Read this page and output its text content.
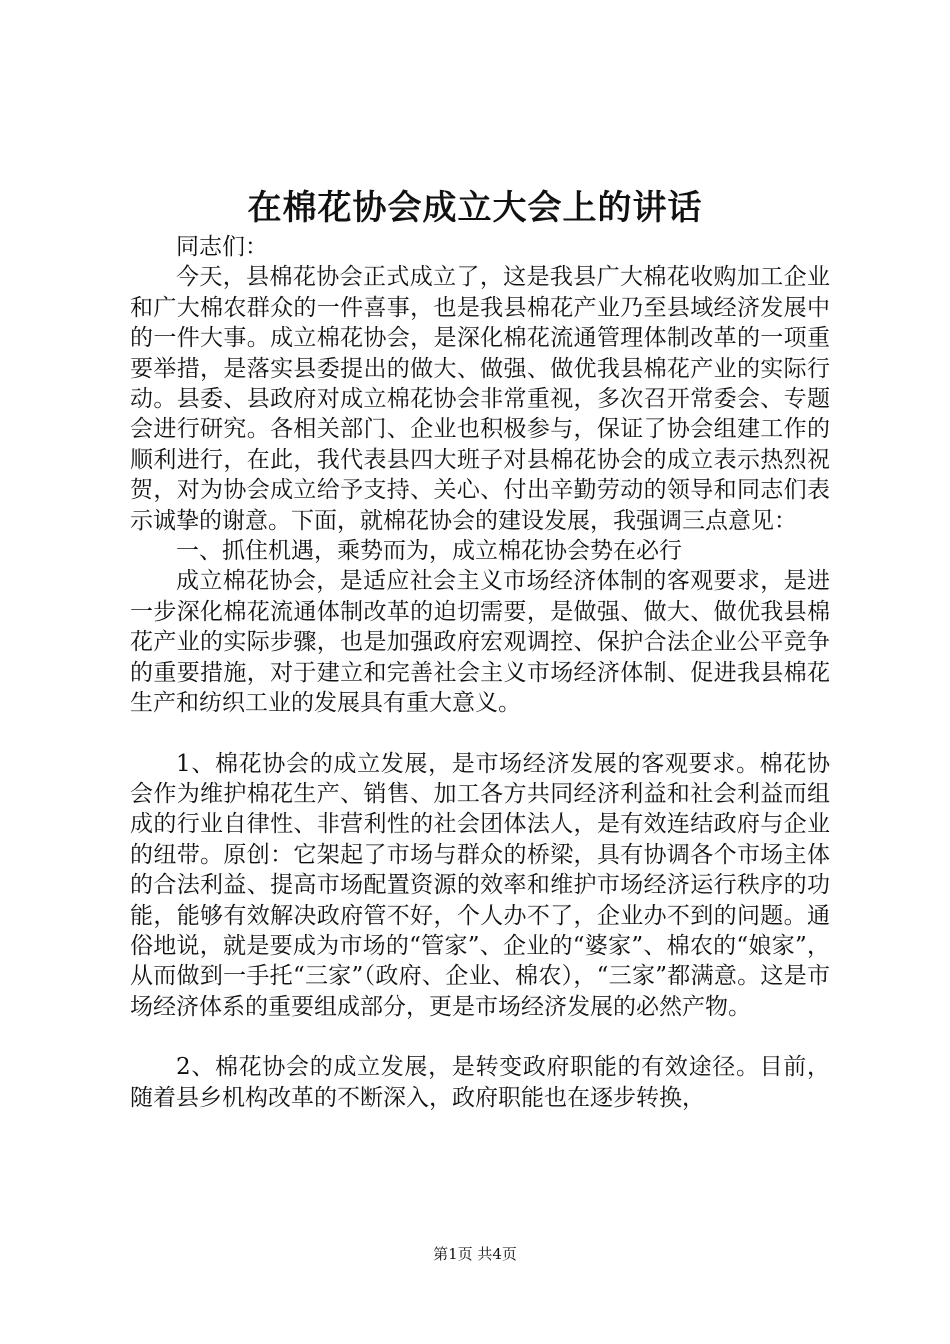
在棉花协会成立大会上的讲话

同志们：

今天，县棉花协会正式成立了，这是我县广大棉花收购加工企业和广大棉农群众的一件喜事，也是我县棉花产业乃至县域经济发展中的一件大事。成立棉花协会，是深化棉花流通管理体制改革的一项重要举措，是落实县委提出的做大、做强、做优我县棉花产业的实际行动。县委、县政府对成立棉花协会非常重视，多次召开常委会、专题会进行研究。各相关部门、企业也积极参与，保证了协会组建工作的顺利进行，在此，我代表县四大班子对县棉花协会的成立表示热烈祝贺，对为协会成立给予支持、关心、付出辛勤劳动的领导和同志们表示诚挚的谢意。下面，就棉花协会的建设发展，我强调三点意见：

一、抓住机遇，乘势而为，成立棉花协会势在必行

成立棉花协会，是适应社会主义市场经济体制的客观要求，是进一步深化棉花流通体制改革的迫切需要，是做强、做大、做优我县棉花产业的实际步骤，也是加强政府宏观调控、保护合法企业公平竞争的重要措施，对于建立和完善社会主义市场经济体制、促进我县棉花生产和纺织工业的发展具有重大意义。

1、棉花协会的成立发展，是市场经济发展的客观要求。棉花协会作为维护棉花生产、销售、加工各方共同经济利益和社会利益而组成的行业自律性、非营利性的社会团体法人，是有效连结政府与企业的纽带。原创：它架起了市场与群众的桥梁，具有协调各个市场主体的合法利益、提高市场配置资源的效率和维护市场经济运行秩序的功能，能够有效解决政府管不好，个人办不了，企业办不到的问题。通俗地说，就是要成为市场的“管家”、企业的“婆家”、棉农的“娘家”，从而做到一手托“三家”（政府、企业、棉农），“三家”都满意。这是市场经济体系的重要组成部分，更是市场经济发展的必然产物。

2、棉花协会的成立发展，是转变政府职能的有效途径。目前，随着县乡机构改革的不断深入，政府职能也在逐步转换，

第1页 共4页
